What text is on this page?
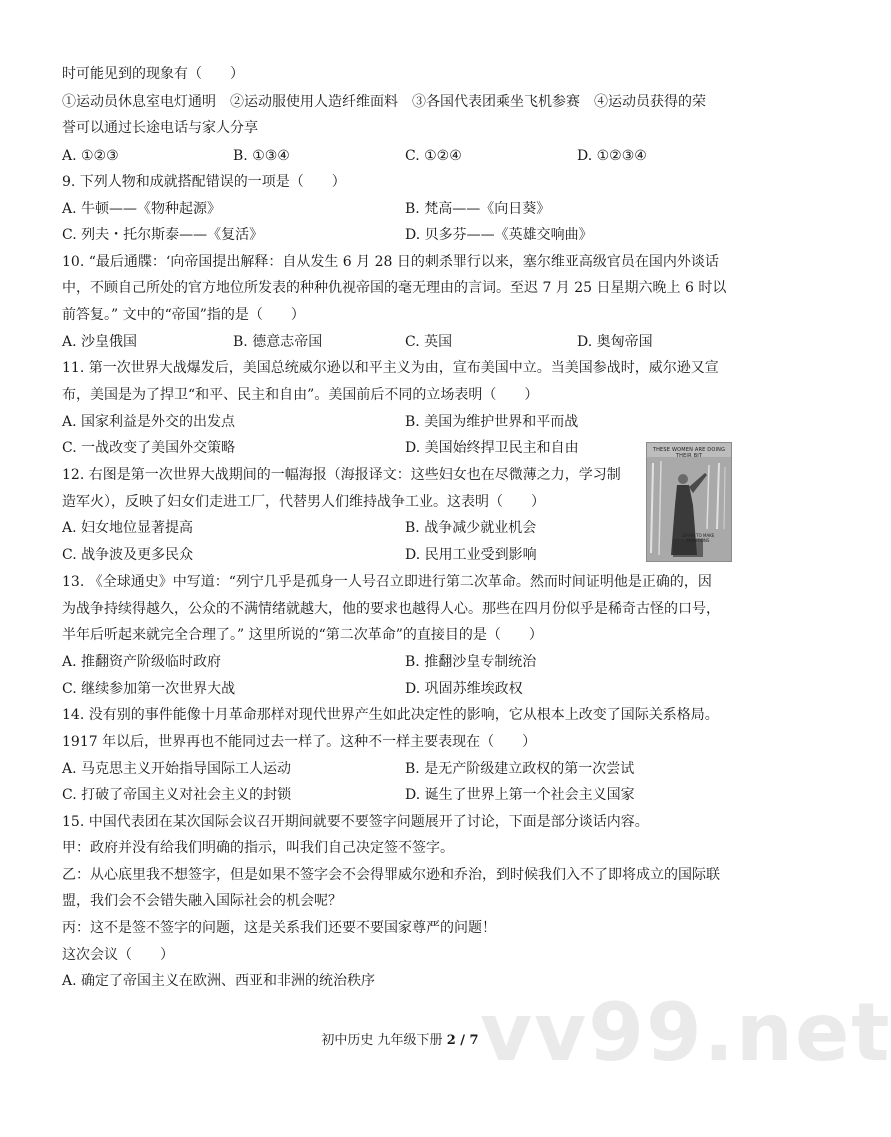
时可能见到的现象有（　　）
①运动员休息室电灯通明　②运动服使用人造纤维面料　③各国代表团乘坐飞机参赛　④运动员获得的荣
誉可以通过长途电话与家人分享
A. ①②③	B. ①③④	C. ①②④	D. ①②③④
9. 下列人物和成就搭配错误的一项是（　　）
A. 牛顿——《物种起源》	B. 梵高——《向日葵》
C. 列夫・托尔斯泰——《复活》	D. 贝多芬——《英雄交响曲》
10. “最后通牒：‘向帝国提出解释：自从发生 6 月 28 日的刺杀罪行以来，塞尔维亚高级官员在国内外谈话
中，不顾自己所处的官方地位所发表的种种仇视帝国的毫无理由的言词。至迟 7 月 25 日星期六晚上 6 时以
前答复。” 文中的“帝国”指的是（　　）
A. 沙皇俄国	B. 德意志帝国	C. 英国	D. 奥匈帝国
11. 第一次世界大战爆发后，美国总统威尔逊以和平主义为由，宣布美国中立。当美国参战时，威尔逊又宣
布，美国是为了捍卫“和平、民主和自由”。美国前后不同的立场表明（　　）
A. 国家利益是外交的出发点	B. 美国为维护世界和平而战
C. 一战改变了美国外交策略	D. 美国始终捍卫民主和自由
12. 右图是第一次世界大战期间的一幅海报（海报译文：这些妇女也在尽微薄之力，学习制
造军火），反映了妇女们走进工厂，代替男人们维持战争工业。这表明（　　）
A. 妇女地位显著提高	B. 战争减少就业机会
C. 战争波及更多民众	D. 民用工业受到影响
THESE WOMEN ARE DOING THEIR BIT
LEARN TO MAKE MUNITIONS
13. 《全球通史》中写道：“列宁几乎是孤身一人号召立即进行第二次革命。然而时间证明他是正确的，因
为战争持续得越久，公众的不满情绪就越大，他的要求也越得人心。那些在四月份似乎是稀奇古怪的口号，
半年后听起来就完全合理了。” 这里所说的“第二次革命”的直接目的是（　　）
A. 推翻资产阶级临时政府	B. 推翻沙皇专制统治
C. 继续参加第一次世界大战	D. 巩固苏维埃政权
14. 没有别的事件能像十月革命那样对现代世界产生如此决定性的影响，它从根本上改变了国际关系格局。
1917 年以后，世界再也不能同过去一样了。这种不一样主要表现在（　　）
A. 马克思主义开始指导国际工人运动	B. 是无产阶级建立政权的第一次尝试
C. 打破了帝国主义对社会主义的封锁	D. 诞生了世界上第一个社会主义国家
15. 中国代表团在某次国际会议召开期间就要不要签字问题展开了讨论，下面是部分谈话内容。
甲：政府并没有给我们明确的指示，叫我们自己决定签不签字。
乙：从心底里我不想签字，但是如果不签字会不会得罪威尔逊和乔治，到时候我们入不了即将成立的国际联
盟，我们会不会错失融入国际社会的机会呢？
丙：这不是签不签字的问题，这是关系我们还要不要国家尊严的问题！
这次会议（　　）
A. 确定了帝国主义在欧洲、西亚和非洲的统治秩序
vv99.net
初中历史 九年级下册 2 / 7
